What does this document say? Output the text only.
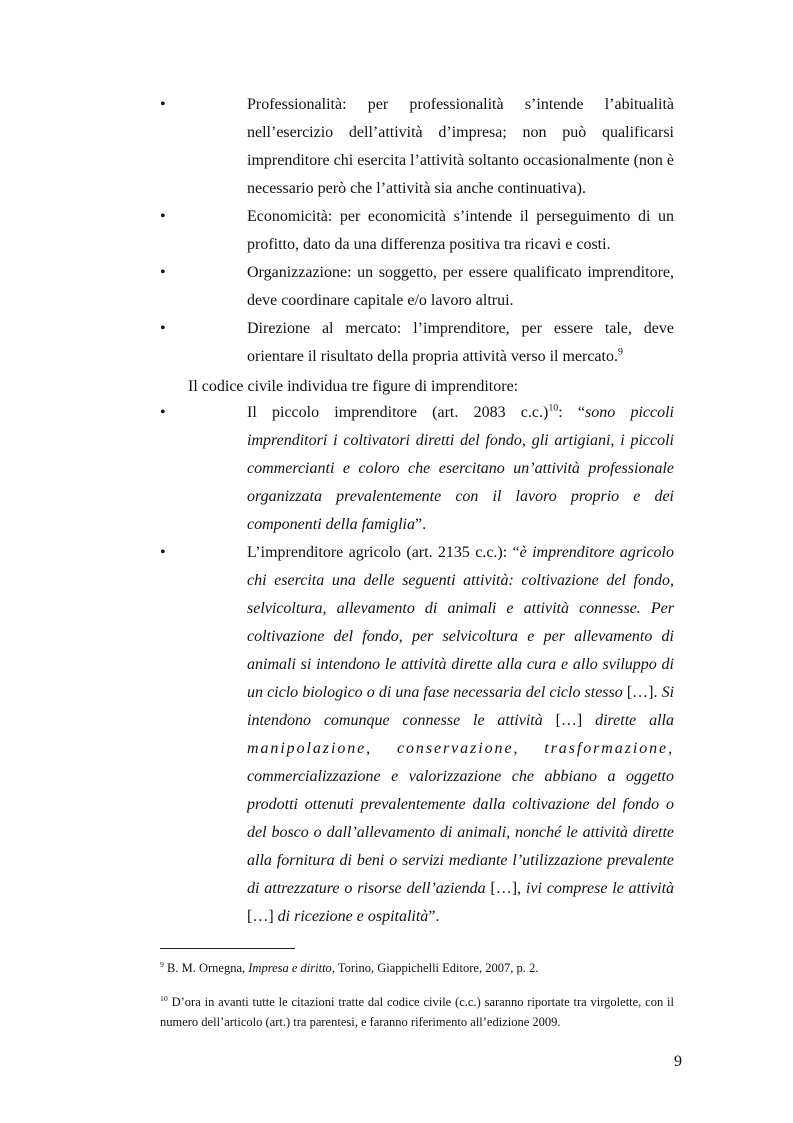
•	Professionalità: per professionalità s’intende l’abitualità nell’esercizio dell’attività d’impresa; non può qualificarsi imprenditore chi esercita l’attività soltanto occasionalmente (non è necessario però che l’attività sia anche continuativa).
•	Economicità: per economicità s’intende il perseguimento di un profitto, dato da una differenza positiva tra ricavi e costi.
•	Organizzazione: un soggetto, per essere qualificato imprenditore, deve coordinare capitale e/o lavoro altrui.
•	Direzione al mercato: l’imprenditore, per essere tale, deve orientare il risultato della propria attività verso il mercato.$^9$
Il codice civile individua tre figure di imprenditore:
•	Il piccolo imprenditore (art. 2083 c.c.)$^{10}$: “sono piccoli imprenditori i coltivatori diretti del fondo, gli artigiani, i piccoli commercianti e coloro che esercitano un’attività professionale organizzata prevalentemente con il lavoro proprio e dei componenti della famiglia”.
•	L’imprenditore agricolo (art. 2135 c.c.): “è imprenditore agricolo chi esercita una delle seguenti attività: coltivazione del fondo, selvicoltura, allevamento di animali e attività connesse. Per coltivazione del fondo, per selvicoltura e per allevamento di animali si intendono le attività dirette alla cura e allo sviluppo di un ciclo biologico o di una fase necessaria del ciclo stesso […]. Si intendono comunque connesse le attività […] dirette alla manipolazione, conservazione, trasformazione, commercializzazione e valorizzazione che abbiano a oggetto prodotti ottenuti prevalentemente dalla coltivazione del fondo o del bosco o dall’allevamento di animali, nonché le attività dirette alla fornitura di beni o servizi mediante l’utilizzazione prevalente di attrezzature o risorse dell’azienda […], ivi comprese le attività […] di ricezione e ospitalità”.
$^9$ B. M. Ornegna, Impresa e diritto, Torino, Giappichelli Editore, 2007, p. 2.
$^{10}$ D’ora in avanti tutte le citazioni tratte dal codice civile (c.c.) saranno riportate tra virgolette, con il numero dell’articolo (art.) tra parentesi, e faranno riferimento all’edizione 2009.
9
